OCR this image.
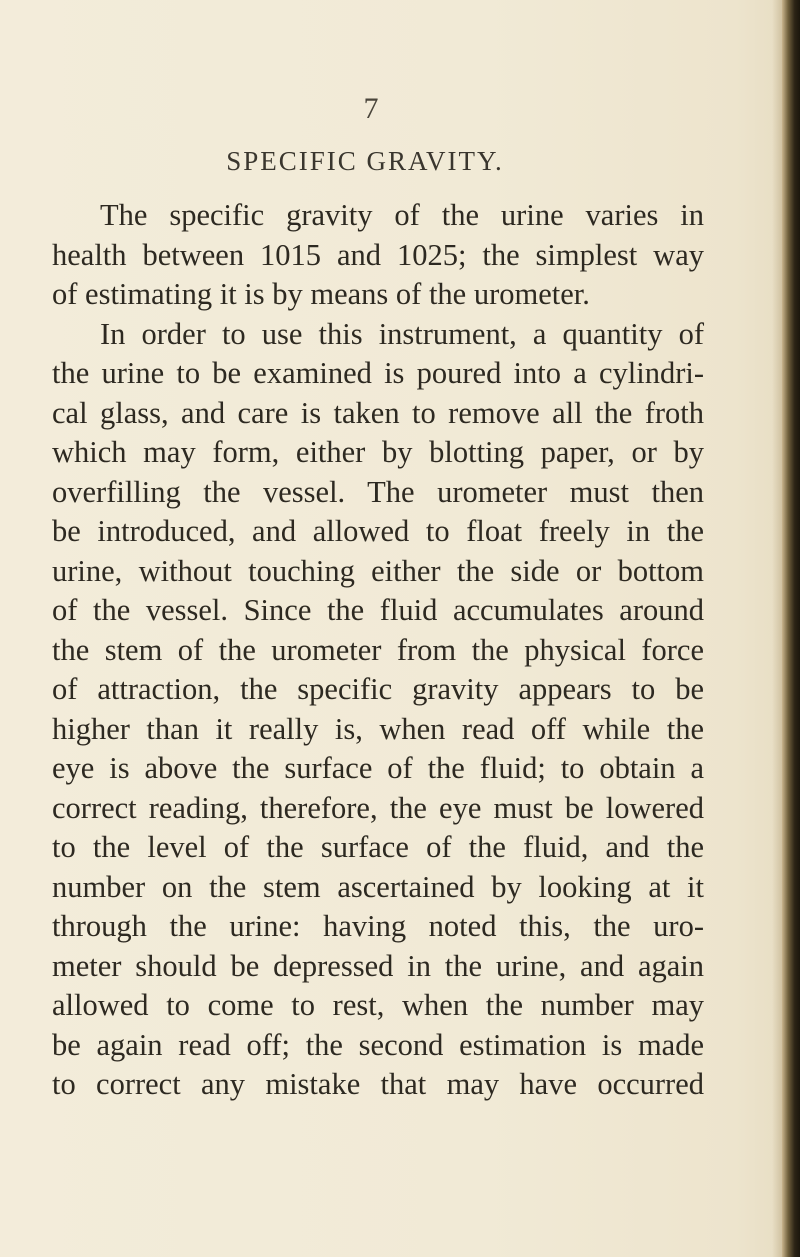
7
SPECIFIC GRAVITY.
The specific gravity of the urine varies in
health between 1015 and 1025; the simplest way
of estimating it is by means of the urometer.
In order to use this instrument, a quantity of
the urine to be examined is poured into a cylindri-
cal glass, and care is taken to remove all the froth
which may form, either by blotting paper, or by
overfilling the vessel. The urometer must then
be introduced, and allowed to float freely in the
urine, without touching either the side or bottom
of the vessel. Since the fluid accumulates around
the stem of the urometer from the physical force
of attraction, the specific gravity appears to be
higher than it really is, when read off while the
eye is above the surface of the fluid; to obtain a
correct reading, therefore, the eye must be lowered
to the level of the surface of the fluid, and the
number on the stem ascertained by looking at it
through the urine: having noted this, the uro-
meter should be depressed in the urine, and again
allowed to come to rest, when the number may
be again read off; the second estimation is made
to correct any mistake that may have occurred
